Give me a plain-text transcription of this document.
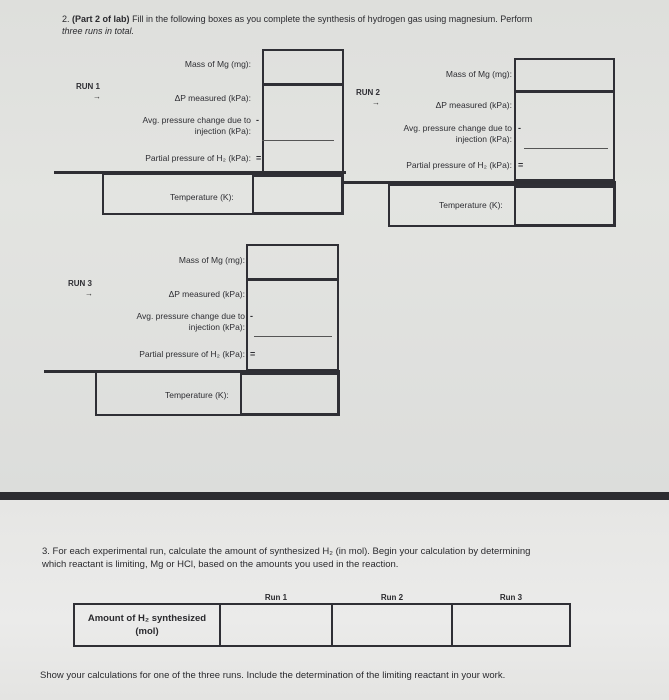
2. (Part 2 of lab) Fill in the following boxes as you complete the synthesis of hydrogen gas using magnesium. Perform
three runs in total.
RUN 1
→
Mass of Mg (mg):
ΔP measured (kPa):
Avg. pressure change due to injection (kPa):
Partial pressure of H₂ (kPa):
-
=
Temperature (K):
RUN 2
→
Mass of Mg (mg):
ΔP measured (kPa):
Avg. pressure change due to injection (kPa):
Partial pressure of H₂ (kPa):
-
=
Temperature (K):
RUN 3
→
Mass of Mg (mg):
ΔP measured (kPa):
Avg. pressure change due to injection (kPa):
Partial pressure of H₂ (kPa):
-
=
Temperature (K):
3. For each experimental run, calculate the amount of synthesized H₂ (in mol). Begin your calculation by determining
which reactant is limiting, Mg or HCl, based on the amounts you used in the reaction.
	Run 1	Run 2	Run 3

Amount of H₂ synthesized
(mol)			

Show your calculations for one of the three runs. Include the determination of the limiting reactant in your work.
